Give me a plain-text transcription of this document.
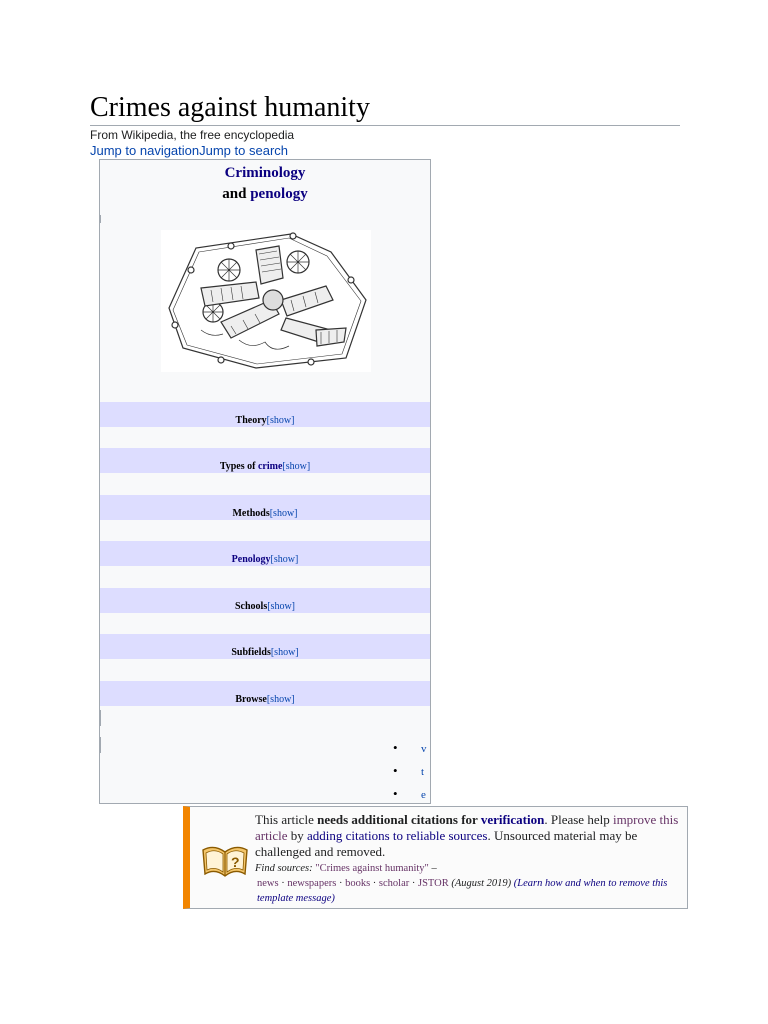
Crimes against humanity
From Wikipedia, the free encyclopedia
Jump to navigationJump to search
Criminology
and penology
Theory[show]
Types of crime[show]
Methods[show]
Penology[show]
Schools[show]
Subfields[show]
Browse[show]
• v
• t
• e
?
This article needs additional citations for verification. Please help improve this article by adding citations to reliable sources. Unsourced material may be challenged and removed.
Find sources: "Crimes against humanity" –
news · newspapers · books · scholar · JSTOR (August 2019) (Learn how and when to remove this template message)
